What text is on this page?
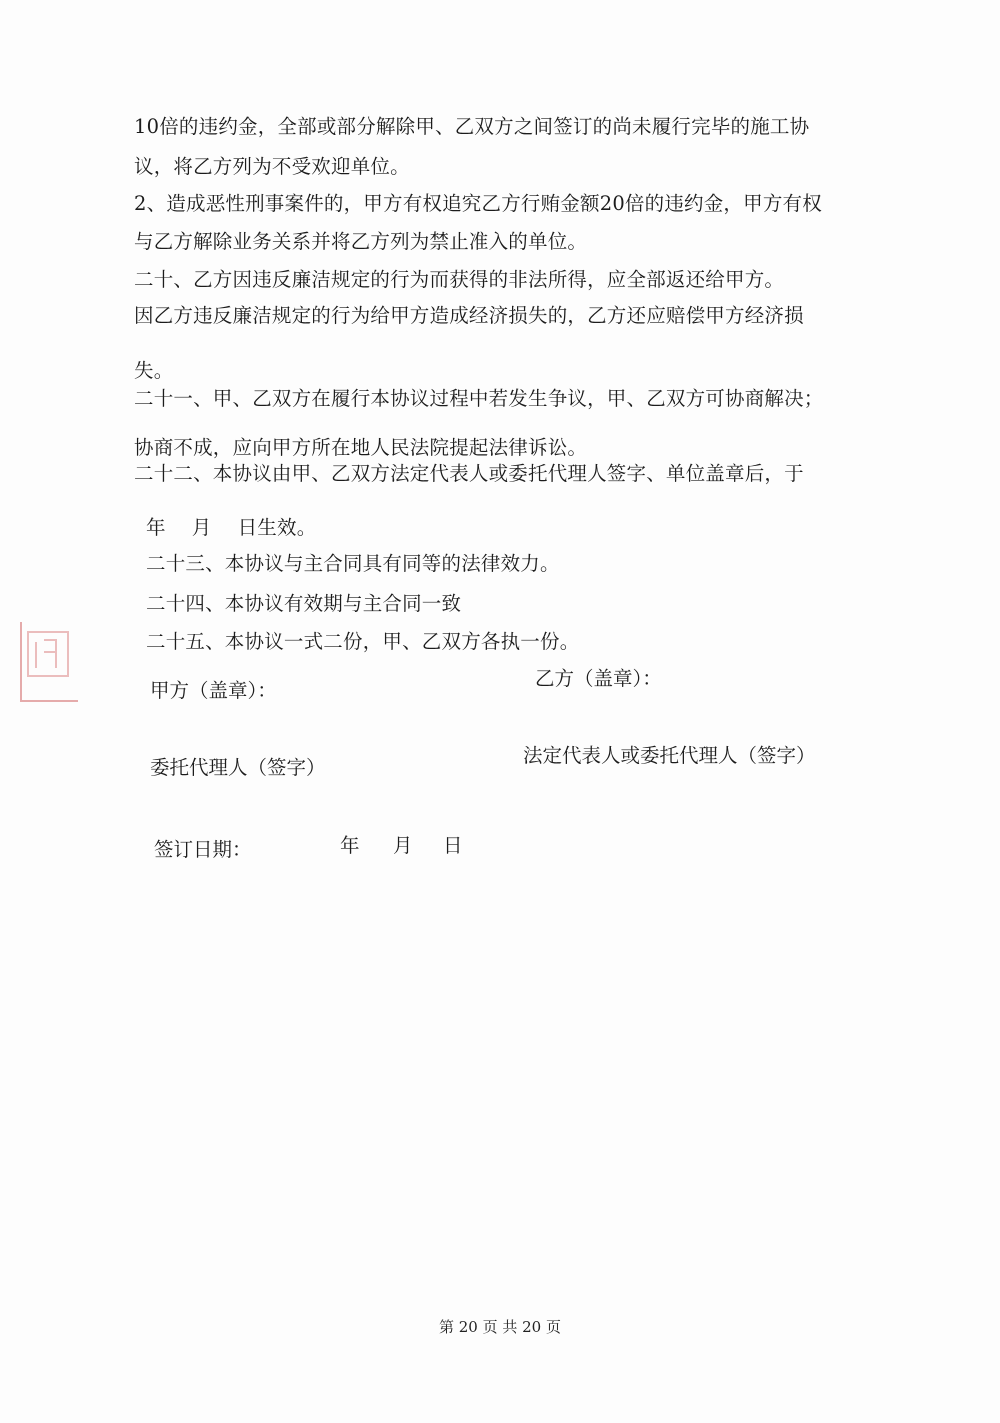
10倍的违约金，全部或部分解除甲、乙双方之间签订的尚未履行完毕的施工协
议，将乙方列为不受欢迎单位。
2、造成恶性刑事案件的，甲方有权追究乙方行贿金额20倍的违约金，甲方有权
与乙方解除业务关系并将乙方列为禁止准入的单位。
二十、乙方因违反廉洁规定的行为而获得的非法所得，应全部返还给甲方。
因乙方违反廉洁规定的行为给甲方造成经济损失的，乙方还应赔偿甲方经济损
失。
二十一、甲、乙双方在履行本协议过程中若发生争议，甲、乙双方可协商解决；
协商不成，应向甲方所在地人民法院提起法律诉讼。
二十二、本协议由甲、乙双方法定代表人或委托代理人签字、单位盖章后，于
年　 月　 日生效。
二十三、本协议与主合同具有同等的法律效力。
二十四、本协议有效期与主合同一致
二十五、本协议一式二份，甲、乙双方各执一份。
甲方（盖章）：
乙方（盖章）：
委托代理人（签字）
法定代表人或委托代理人（签字）
签订日期：	年 月 日
第 20 页 共 20 页
